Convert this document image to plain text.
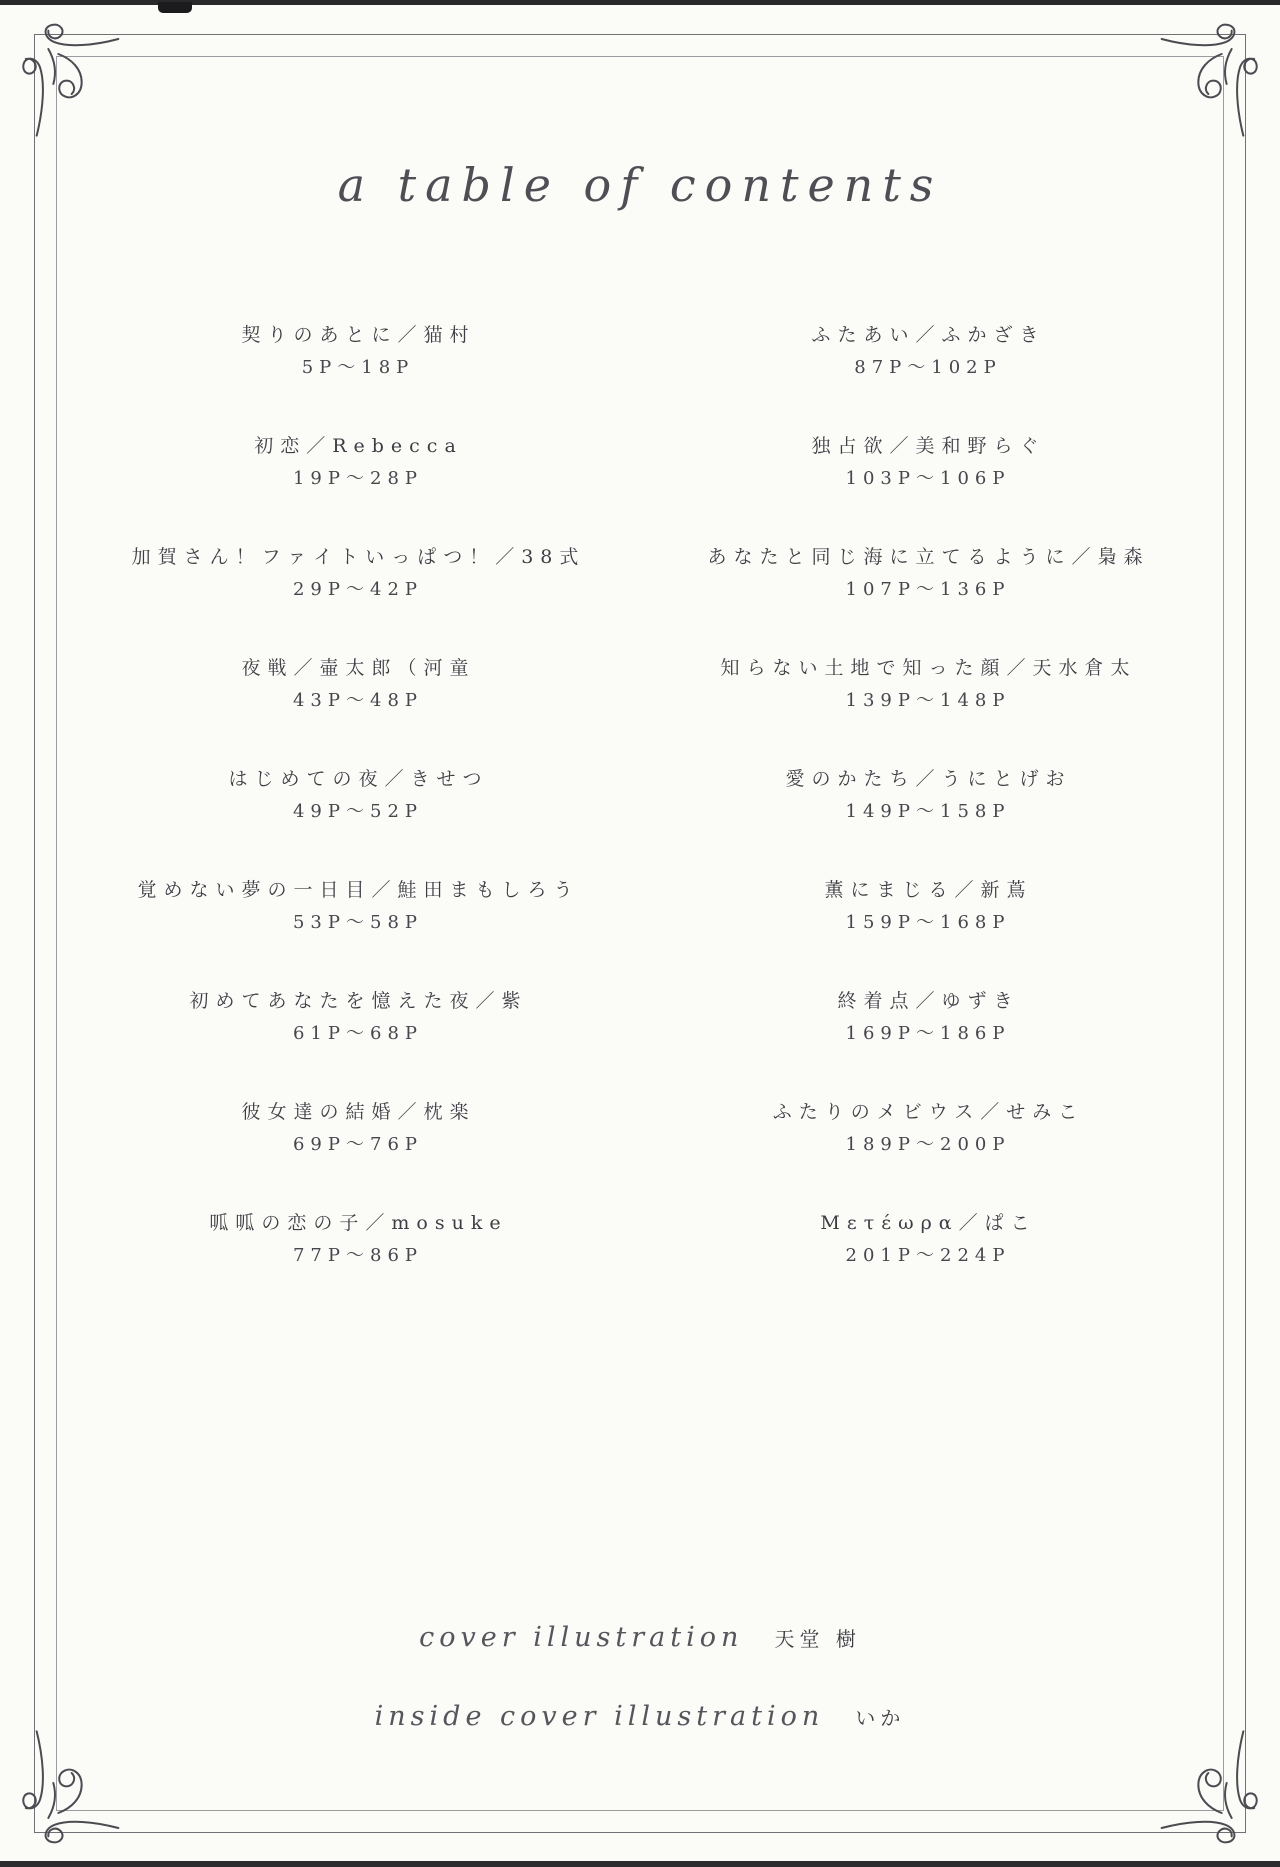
a table of contents
契りのあとに／猫村
5P〜18P
ふたあい／ふかざき
87P〜102P
初恋／Rebecca
19P〜28P
独占欲／美和野らぐ
103P〜106P
加賀さん！ファイトいっぱつ！／38式
29P〜42P
あなたと同じ海に立てるように／梟森
107P〜136P
夜戦／壷太郎（河童
43P〜48P
知らない土地で知った顔／天水倉太
139P〜148P
はじめての夜／きせつ
49P〜52P
愛のかたち／うにとげお
149P〜158P
覚めない夢の一日目／鮭田まもしろう
53P〜58P
薫にまじる／新蔦
159P〜168P
初めてあなたを憶えた夜／紫
61P〜68P
終着点／ゆずき
169P〜186P
彼女達の結婚／枕楽
69P〜76P
ふたりのメビウス／せみこ
189P〜200P
呱呱の恋の子／mosuke
77P〜86P
Mετέωρα／ぱこ
201P〜224P
cover illustration 天堂 樹
inside cover illustration いか
